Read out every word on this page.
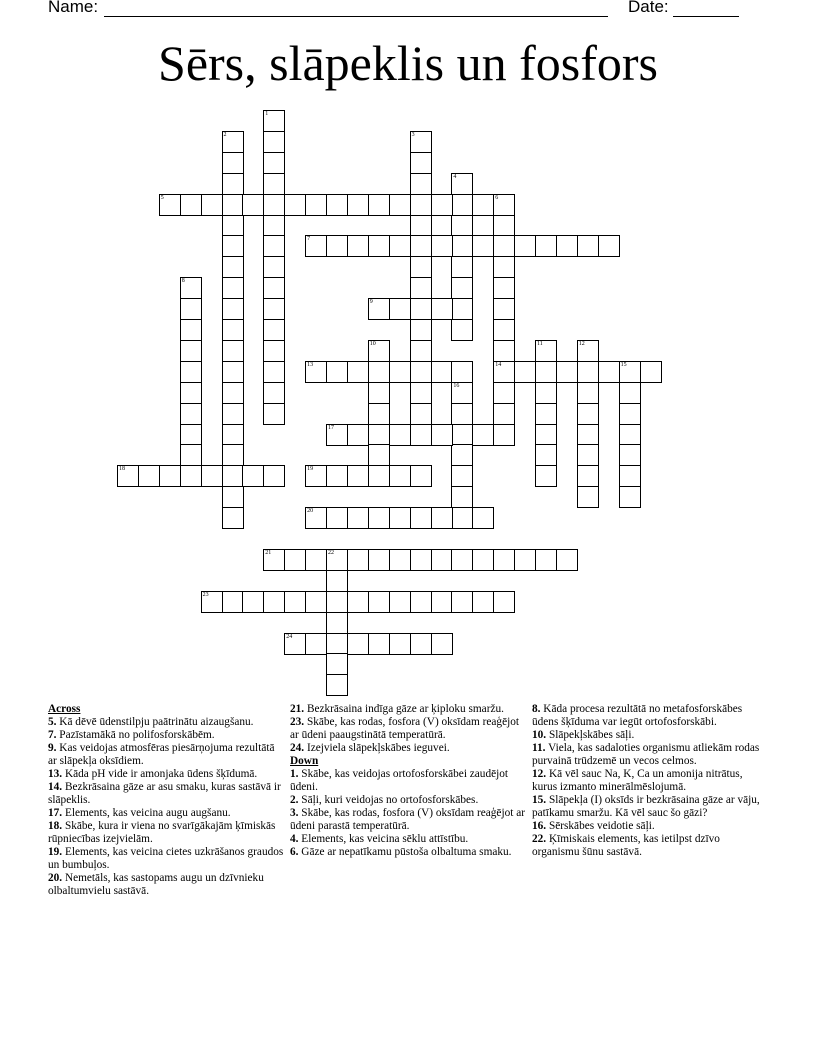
Name:	Date:
Sērs, slāpeklis un fosfors
1
2	3
4
5	6
14
7
8
9
10	11	12
13	15
16
17
18	19
20
21	22
23
24
Across
5. Kā dēvē ūdenstilpju paātrinātu aizaugšanu.
7. Pazīstamākā no polifosforskābēm.
9. Kas veidojas atmosfēras piesārņojuma rezultātā ar slāpekļa oksīdiem.
13. Kāda pH vide ir amonjaka ūdens šķīdumā.
14. Bezkrāsaina gāze ar asu smaku, kuras sastāvā ir slāpeklis.
17. Elements, kas veicina augu augšanu.
18. Skābe, kura ir viena no svarīgākajām ķīmiskās rūpniecības izejvielām.
19. Elements, kas veicina cietes uzkrāšanos graudos un bumbuļos.
20. Nemetāls, kas sastopams augu un dzīvnieku olbaltumvielu sastāvā.
21. Bezkrāsaina indīga gāze ar ķiploku smaržu.
23. Skābe, kas rodas, fosfora (V) oksīdam reaģējot ar ūdeni paaugstinātā temperatūrā.
24. Izejviela slāpekļskābes ieguvei.
Down
1. Skābe, kas veidojas ortofosforskābei zaudējot ūdeni.
2. Sāļi, kuri veidojas no ortofosforskābes.
3. Skābe, kas rodas, fosfora (V) oksīdam reaģējot ar ūdeni parastā temperatūrā.
4. Elements, kas veicina sēklu attīstību.
6. Gāze ar nepatīkamu pūstoša olbaltuma smaku.
8. Kāda procesa rezultātā no metafosforskābes ūdens šķīduma var iegūt ortofosforskābi.
10. Slāpekļskābes sāļi.
11. Viela, kas sadaloties organismu atliekām rodas purvainā trūdzemē un vecos celmos.
12. Kā vēl sauc Na, K, Ca un amonija nitrātus, kurus izmanto minerālmēslojumā.
15. Slāpekļa (I) oksīds ir bezkrāsaina gāze ar vāju, patīkamu smaržu. Kā vēl sauc šo gāzi?
16. Sērskābes veidotie sāļi.
22. Ķīmiskais elements, kas ietilpst dzīvo organismu šūnu sastāvā.
